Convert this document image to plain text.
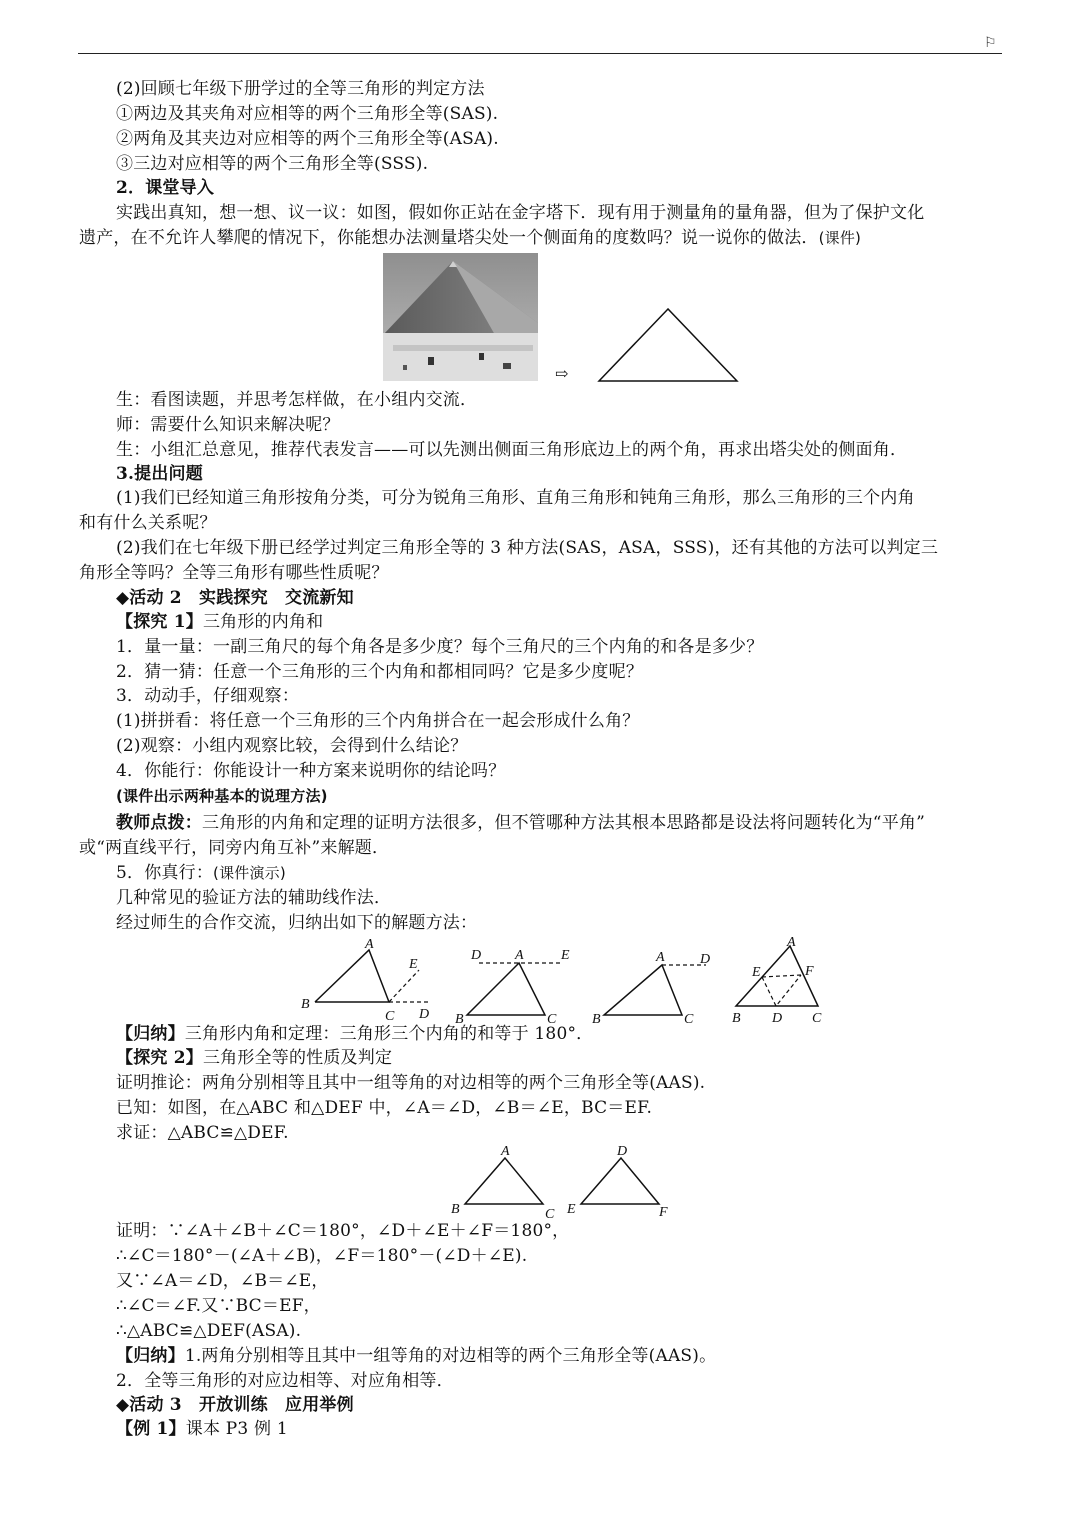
⚐
(2)回顾七年级下册学过的全等三角形的判定方法
①两边及其夹角对应相等的两个三角形全等(SAS).
②两角及其夹边对应相等的两个三角形全等(ASA).
③三边对应相等的两个三角形全等(SSS).
2．课堂导入
实践出真知，想一想、议一议：如图，假如你正站在金字塔下．现有用于测量角的量角器，但为了保护文化
遗产，在不允许人攀爬的情况下，你能想办法测量塔尖处一个侧面角的度数吗？说一说你的做法．(课件)
⇨
生：看图读题，并思考怎样做，在小组内交流．
师：需要什么知识来解决呢？
生：小组汇总意见，推荐代表发言——可以先测出侧面三角形底边上的两个角，再求出塔尖处的侧面角．
3.提出问题
(1)我们已经知道三角形按角分类，可分为锐角三角形、直角三角形和钝角三角形，那么三角形的三个内角
和有什么关系呢？
(2)我们在七年级下册已经学过判定三角形全等的 3 种方法(SAS，ASA，SSS)，还有其他的方法可以判定三
角形全等吗？全等三角形有哪些性质呢？
◆活动 2　实践探究　交流新知
【探究 1】三角形的内角和
1．量一量：一副三角尺的每个角各是多少度？每个三角尺的三个内角的和各是多少？
2．猜一猜：任意一个三角形的三个内角和都相同吗？它是多少度呢？
3．动动手，仔细观察：
(1)拼拼看：将任意一个三角形的三个内角拼合在一起会形成什么角？
(2)观察：小组内观察比较，会得到什么结论？
4．你能行：你能设计一种方案来说明你的结论吗？
(课件出示两种基本的说理方法)
教师点拨：三角形的内角和定理的证明方法很多，但不管哪种方法其根本思路都是设法将问题转化为“平角”
或“两直线平行，同旁内角互补”来解题．
5．你真行：(课件演示)
几种常见的验证方法的辅助线作法．
经过师生的合作交流，归纳出如下的解题方法：
A
B
C D
E
A
B	C
D	E	A
B	C
D
A
B	C
D
E	F
【归纳】三角形内角和定理：三角形三个内角的和等于 180°．
【探究 2】三角形全等的性质及判定
证明推论：两角分别相等且其中一组等角的对边相等的两个三角形全等(AAS).
已知：如图，在△ABC 和△DEF 中，∠A＝∠D，∠B＝∠E，BC＝EF.
求证：△ABC≌△DEF.
A
B	C
D
E	F
证明：∵∠A＋∠B＋∠C＝180°，∠D＋∠E＋∠F＝180°，
∴∠C＝180°－(∠A＋∠B)，∠F＝180°－(∠D＋∠E).
又∵∠A＝∠D，∠B＝∠E，
∴∠C＝∠F.又∵BC＝EF，
∴△ABC≌△DEF(ASA).
【归纳】1.两角分别相等且其中一组等角的对边相等的两个三角形全等(AAS)。
2．全等三角形的对应边相等、对应角相等．
◆活动 3　开放训练　应用举例
【例 1】课本 P3 例 1
